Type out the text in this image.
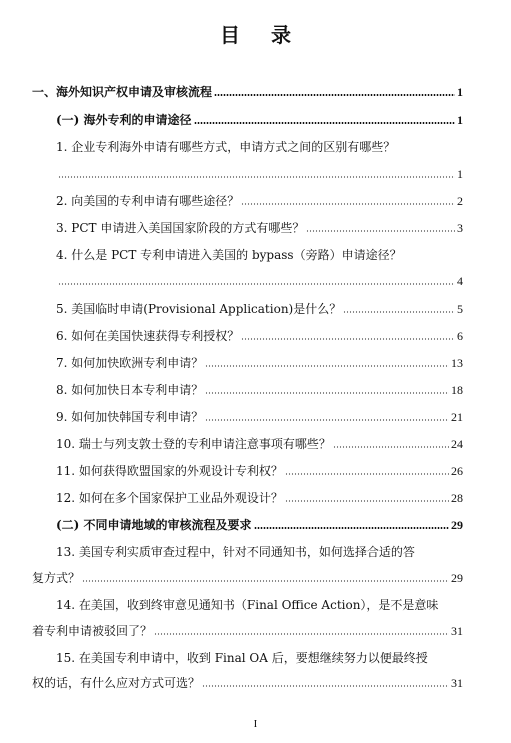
目 录
一、海外知识产权申请及审核流程	1
(一) 海外专利的申请途径	1
1. 企业专利海外申请有哪些方式，申请方式之间的区别有哪些？
1
2. 向美国的专利申请有哪些途径？	2
3. PCT 申请进入美国国家阶段的方式有哪些？	3
4. 什么是 PCT 专利申请进入美国的 bypass（旁路）申请途径？
4
5. 美国临时申请(Provisional Application)是什么？	5
6. 如何在美国快速获得专利授权？	6
7. 如何加快欧洲专利申请？	13
8. 如何加快日本专利申请？	18
9. 如何加快韩国专利申请？	21
10. 瑞士与列支敦士登的专利申请注意事项有哪些？	24
11. 如何获得欧盟国家的外观设计专利权？	26
12. 如何在多个国家保护工业品外观设计？	28
(二) 不同申请地域的审核流程及要求	29
13. 美国专利实质审查过程中，针对不同通知书，如何选择合适的答
复方式？	29
14. 在美国，收到终审意见通知书（Final Office Action），是不是意味
着专利申请被驳回了？	31
15. 在美国专利申请中，收到 Final OA 后，要想继续努力以便最终授
权的话，有什么应对方式可选？	31
I
